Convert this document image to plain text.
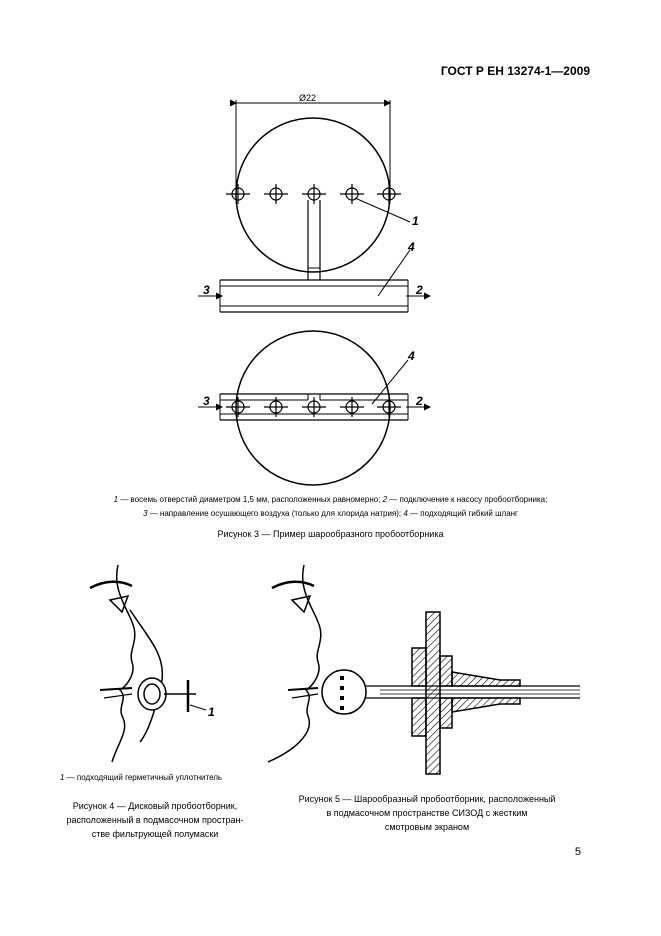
ГОСТ Р ЕН 13274-1—2009
1
4
3	2
4
3	2
Ø22
1
1 — восемь отверстий диаметром 1,5 мм, расположенных равномерно; 2 — подключение к насосу пробоотборника;
3 — направление осушающего воздуха (только для хлорида натрия); 4 — подходящий гибкий шланг
Рисунок 3 — Пример шарообразного пробоотборника
1 — подходящий герметичный уплотнитель
Рисунок 4 — Дисковый пробоотборник,
расположенный в подмасочном простран-
стве фильтрующей полумаски
Рисунок 5 — Шарообразный пробоотборник, расположенный
в подмасочном пространстве СИЗОД с жестким
смотровым экраном
5
